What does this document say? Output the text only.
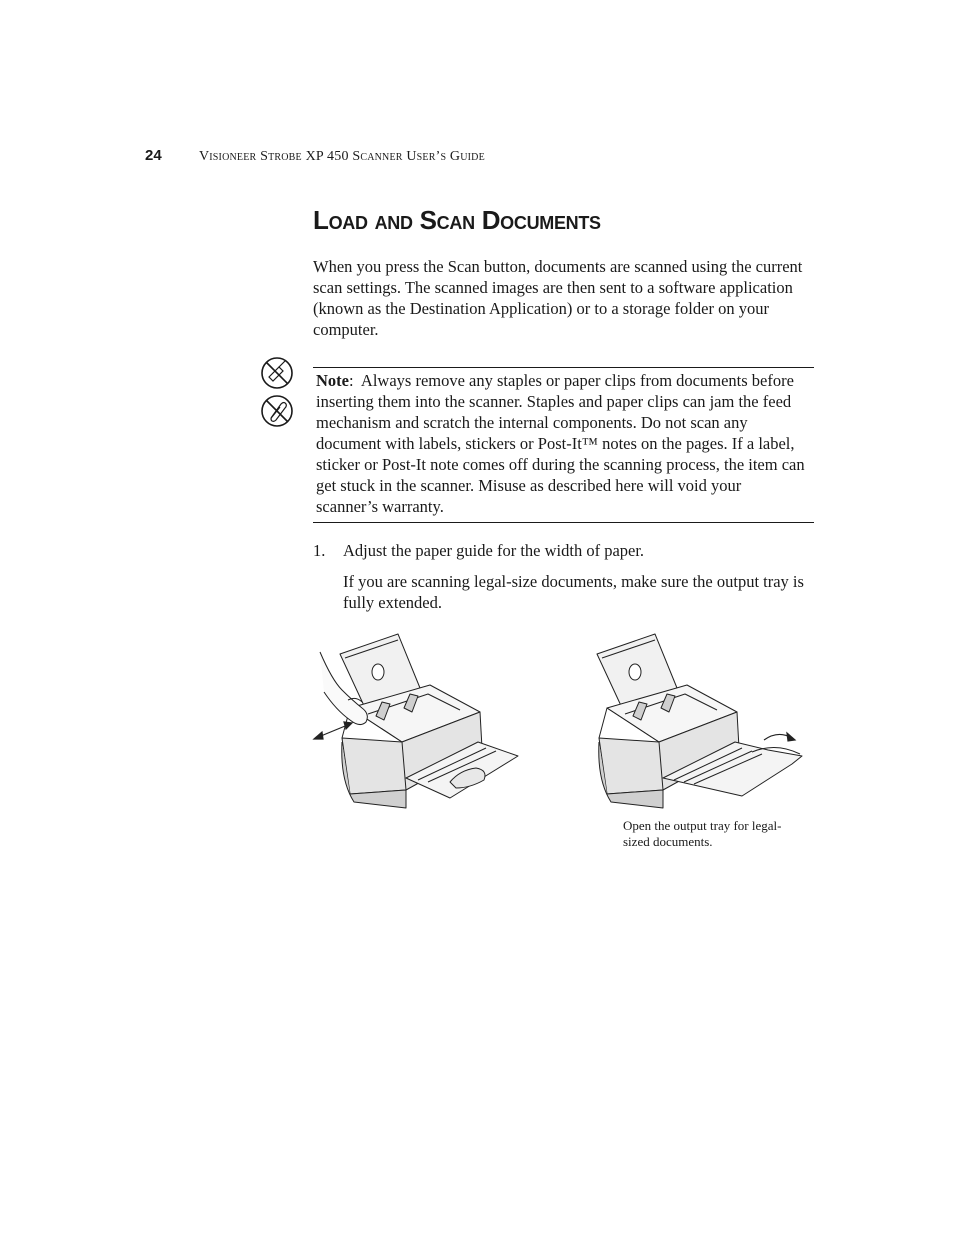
24	Visioneer Strobe XP 450 Scanner User’s Guide
Load and Scan Documents

When you press the Scan button, documents are scanned using the current scan settings. The scanned images are then sent to a software application (known as the Destination Application) or to a storage folder on your computer.

Note: Always remove any staples or paper clips from documents before inserting them into the scanner. Staples and paper clips can jam the feed mechanism and scratch the internal components. Do not scan any document with labels, stickers or Post-It™ notes on the pages. If a label, sticker or Post-It note comes off during the scanning process, the item can get stuck in the scanner. Misuse as described here will void your scanner’s warranty.

1. Adjust the paper guide for the width of paper.

If you are scanning legal-size documents, make sure the output tray is fully extended.

Open the output tray for legal-sized documents.
